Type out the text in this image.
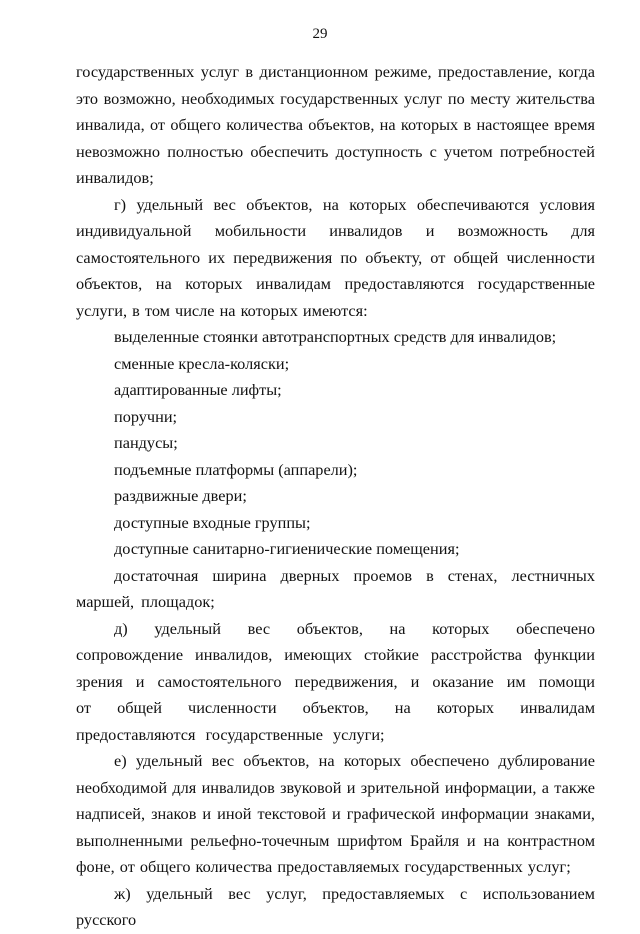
29

государственных услуг в дистанционном режиме, предоставление, когда это возможно, необходимых государственных услуг по месту жительства инвалида, от общего количества объектов, на которых в настоящее время невозможно полностью обеспечить доступность с учетом потребностей инвалидов;

г) удельный вес объектов, на которых обеспечиваются условия индивидуальной мобильности инвалидов и возможность для самостоятельного их передвижения по объекту, от общей численности объектов, на которых инвалидам предоставляются государственные услуги, в том числе на которых имеются:

выделенные стоянки автотранспортных средств для инвалидов;

сменные кресла-коляски;

адаптированные лифты;

поручни;

пандусы;

подъемные платформы (аппарели);

раздвижные двери;

доступные входные группы;

доступные санитарно-гигиенические помещения;

достаточная ширина дверных проемов в стенах, лестничных маршей, площадок;

д) удельный вес объектов, на которых обеспечено сопровождение инвалидов, имеющих стойкие расстройства функции зрения и самостоятельного передвижения, и оказание им помощи от общей численности объектов, на которых инвалидам предоставляются государственные услуги;

е) удельный вес объектов, на которых обеспечено дублирование необходимой для инвалидов звуковой и зрительной информации, а также надписей, знаков и иной текстовой и графической информации знаками, выполненными рельефно-точечным шрифтом Брайля и на контрастном фоне, от общего количества предоставляемых государственных услуг;

ж) удельный вес услуг, предоставляемых с использованием русского
